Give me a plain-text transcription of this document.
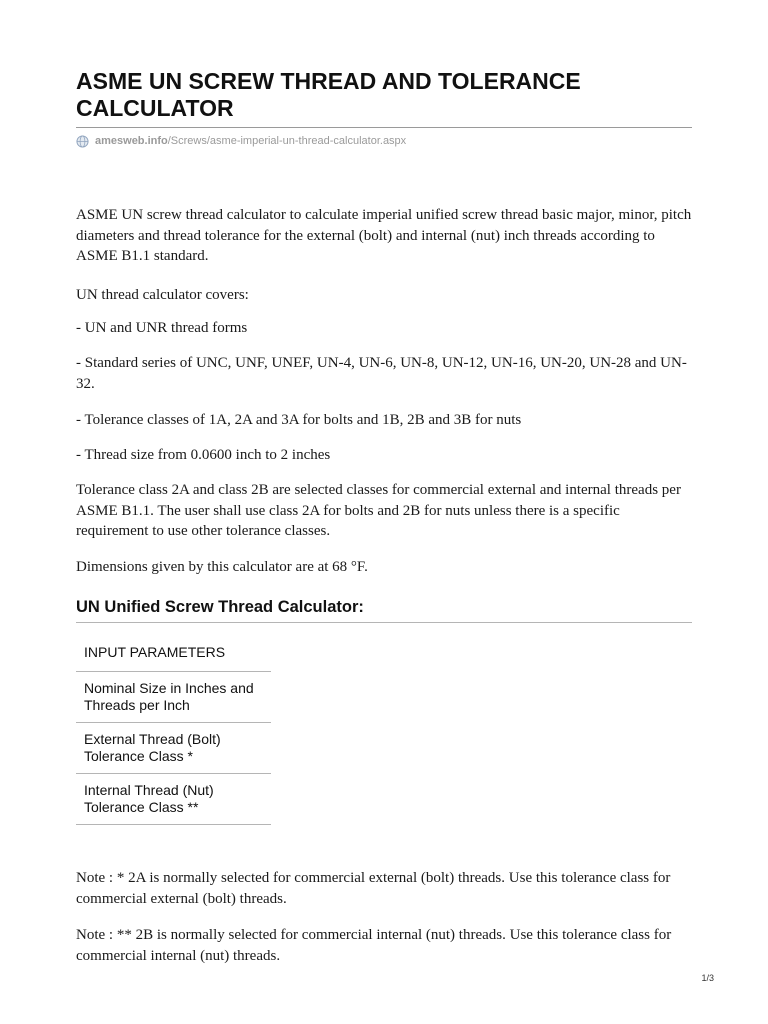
ASME UN SCREW THREAD AND TOLERANCE CALCULATOR
amesweb.info /Screws/asme-imperial-un-thread-calculator.aspx

ASME UN screw thread calculator to calculate imperial unified screw thread basic major, minor, pitch diameters and thread tolerance for the external (bolt) and internal (nut) inch threads according to ASME B1.1 standard.

UN thread calculator covers:

- UN and UNR thread forms

- Standard series of UNC, UNF, UNEF, UN-4, UN-6, UN-8, UN-12, UN-16, UN-20, UN-28 and UN-32.

- Tolerance classes of 1A, 2A and 3A for bolts and 1B, 2B and 3B for nuts

- Thread size from 0.0600 inch to 2 inches

Tolerance class 2A and class 2B are selected classes for commercial external and internal threads per ASME B1.1. The user shall use class 2A for bolts and 2B for nuts unless there is a specific requirement to use other tolerance classes.

Dimensions given by this calculator are at 68 °F.

UN Unified Screw Thread Calculator:
INPUT PARAMETERS
Nominal Size in Inches and Threads per Inch
External Thread (Bolt) Tolerance Class *
Internal Thread (Nut) Tolerance Class **

Note : * 2A is normally selected for commercial external (bolt) threads. Use this tolerance class for commercial external (bolt) threads.

Note : ** 2B is normally selected for commercial internal (nut) threads. Use this tolerance class for commercial internal (nut) threads.

1/3
